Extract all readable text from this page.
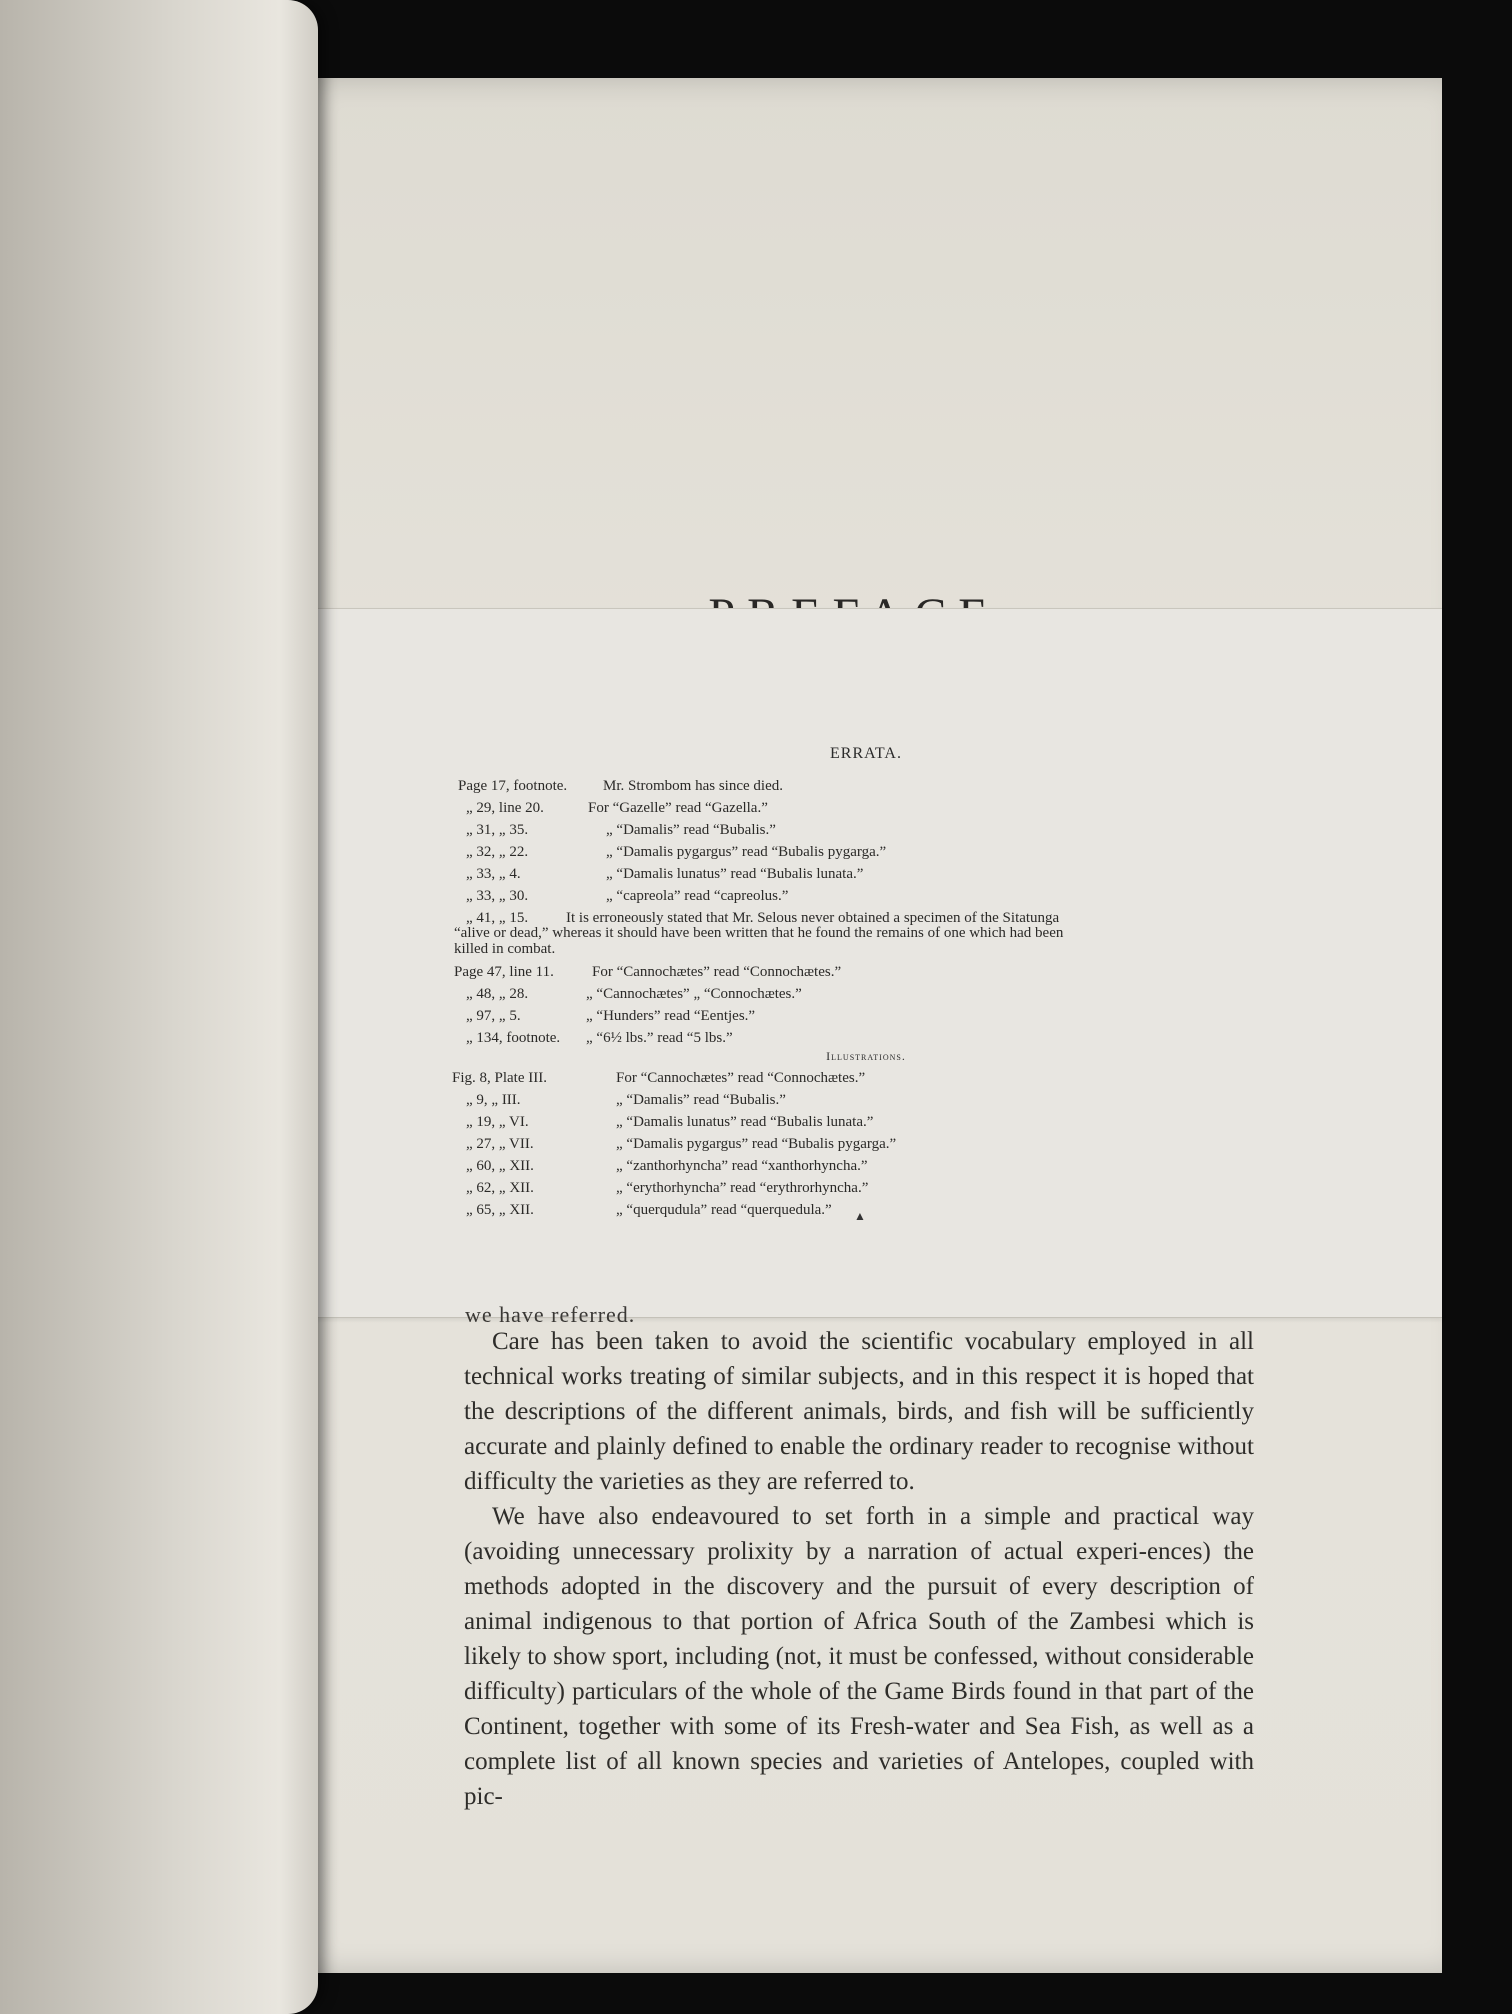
▲
ERRATA.
Page 17, footnote. Mr. Strombom has since died.
„ 29, line 20.	For “Gazelle” read “Gazella.”
„ 31, „ 35.	„ “Damalis” read “Bubalis.”
„ 32, „ 22.	„ “Damalis pygargus” read “Bubalis pygarga.”
„ 33, „ 4.	„ “Damalis lunatus” read “Bubalis lunata.”
„ 33, „ 30.	„ “capreola” read “capreolus.”
„ 41, „ 15.	It is erroneously stated that Mr. Selous never obtained a specimen of the Sitatunga
“alive or dead,” whereas it should have been written that he found the remains of one which had been
killed in combat.
Page 47, line 11.	For “Cannochætes” read “Connochætes.”
„ 48, „ 28.	„ “Cannochætes” „ “Connochætes.”
„ 97, „ 5.	„ “Hunders” read “Eentjes.”
„ 134, footnote. „ “6½ lbs.” read “5 lbs.”
Illustrations.
Fig. 8, Plate III.	For “Cannochætes” read “Connochætes.”
„ 9, „ III.	„ “Damalis” read “Bubalis.”
„ 19, „ VI.	„ “Damalis lunatus” read “Bubalis lunata.”
„ 27, „ VII.	„ “Damalis pygargus” read “Bubalis pygarga.”
„ 60, „ XII.	„ “zanthorhyncha” read “xanthorhyncha.”
„ 62, „ XII.	„ “erythorhyncha” read “erythrorhyncha.”
„ 65, „ XII.	„ “querqudula” read “querquedula.”

Care has been taken to avoid the scientific vocabulary employed in all technical works treating of similar subjects, and in this respect it is hoped that the descriptions of the different animals, birds, and fish will be sufficiently accurate and plainly defined to enable the ordinary reader to recognise without difficulty the varieties as they are referred to.

We have also endeavoured to set forth in a simple and practical way (avoiding unnecessary prolixity by a narration of actual experi-ences) the methods adopted in the discovery and the pursuit of every description of animal indigenous to that portion of Africa South of the Zambesi which is likely to show sport, including (not, it must be confessed, without considerable difficulty) particulars of the whole of the Game Birds found in that part of the Continent, together with some of its Fresh-water and Sea Fish, as well as a complete list of all known species and varieties of Antelopes, coupled with pic-
